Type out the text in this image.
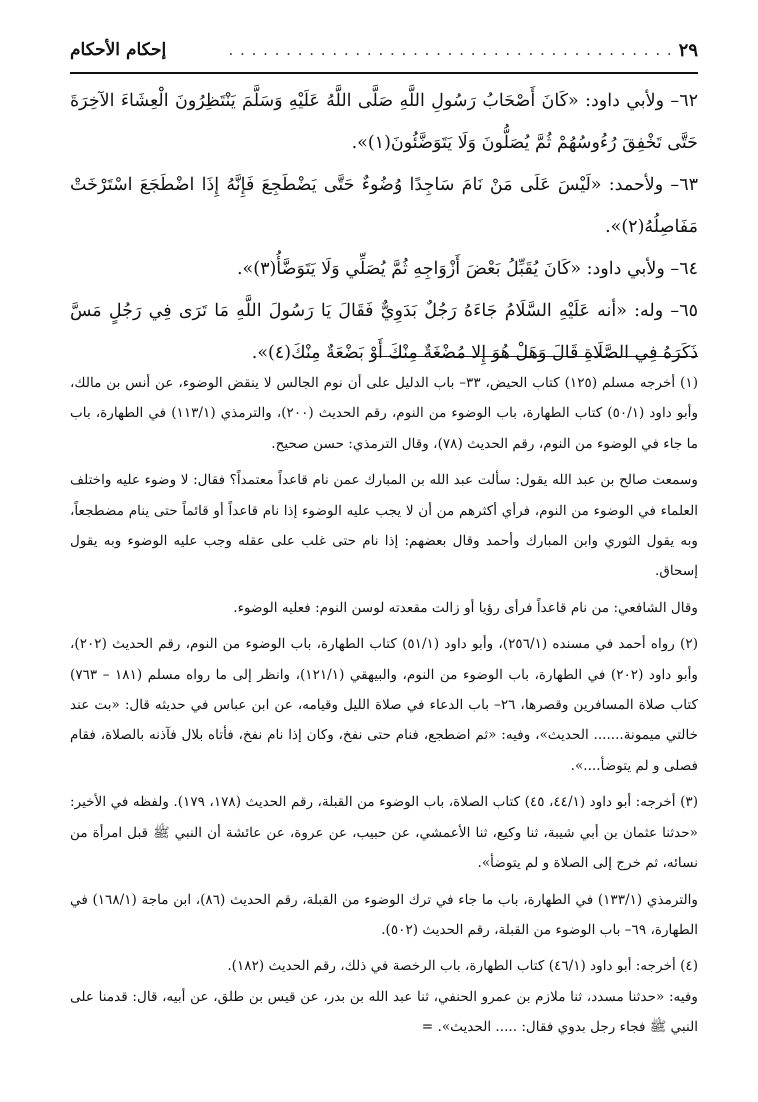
٢٩
. . . . . . . . . . . . . . . . . . . . . . . . . . . . . . . . . . . . . . .
إحكام الأحكام

٦٢– ولأبي داود: «كَانَ أَصْحَابُ رَسُولِ اللَّهِ صَلَّى اللَّهُ عَلَيْهِ وَسَلَّمَ يَنْتَظِرُونَ الْعِشَاءَ الآخِرَةَ حَتَّى تَخْفِقَ رُءُوسُهُمْ ثُمَّ يُصَلُّونَ وَلَا يَتَوَضَّئُونَ(١)».

٦٣– ولأحمد: «لَيْسَ عَلَى مَنْ نَامَ سَاجِدًا وُضُوءٌ حَتَّى يَضْطَجِعَ فَإِنَّهُ إِذَا اضْطَجَعَ اسْتَرْخَتْ مَفَاصِلُهُ(٢)».

٦٤– ولأبي داود: «كَانَ يُقَبِّلُ بَعْضَ أَزْوَاجِهِ ثُمَّ يُصَلِّي وَلَا يَتَوَضَّأُ(٣)».

٦٥– وله: «أنه عَلَيْهِ السَّلَامُ جَاءَهُ رَجُلٌ بَدَوِيٌّ فَقَالَ يَا رَسُولَ اللَّهِ مَا تَرَى فِي رَجُلٍ مَسَّ ذَكَرَهُ فِي الصَّلَاةِ قَالَ وَهَلْ هُوَ إِلا مُضْغَةٌ مِنْكَ أَوْ بَضْعَةٌ مِنْكَ(٤)».

(١) أخرجه مسلم (١٢٥) كتاب الحيض، ٣٣– باب الدليل على أن نوم الجالس لا ينقض الوضوء، عن أنس بن مالك، وأبو داود (٥٠/١) كتاب الطهارة، باب الوضوء من النوم، رقم الحديث (٢٠٠)، والترمذي (١١٣/١) في الطهارة، باب ما جاء في الوضوء من النوم، رقم الحديث (٧٨)، وقال الترمذي: حسن صحيح.

وسمعت صالح بن عبد الله يقول: سألت عبد الله بن المبارك عمن نام قاعداً معتمداً؟ فقال: لا وضوء عليه واختلف العلماء في الوضوء من النوم، فرأي أكثرهم من أن لا يجب عليه الوضوء إذا نام قاعداً أو قائماً حتى ينام مضطجعاً، وبه يقول الثوري وابن المبارك وأحمد وقال بعضهم: إذا نام حتى غلب على عقله وجب عليه الوضوء وبه يقول إسحاق.

وقال الشافعي: من نام قاعداً فرأى رؤيا أو زالت مقعدته لوسن النوم: فعليه الوضوء.

(٢) رواه أحمد في مسنده (٢٥٦/١)، وأبو داود (٥١/١) كتاب الطهارة، باب الوضوء من النوم، رقم الحديث (٢٠٢)، وأبو داود (٢٠٢) في الطهارة، باب الوضوء من النوم، والبيهقي (١٢١/١)، وانظر إلى ما رواه مسلم (١٨١ – ٧٦٣) كتاب صلاة المسافرين وقصرها، ٢٦– باب الدعاء في صلاة الليل وقيامه، عن ابن عباس في حديثه قال: «بت عند خالتي ميمونة....... الحديث»، وفيه: «ثم اضطجع، فنام حتى نفخ، وكان إذا نام نفخ، فأتاه بلال فآذنه بالصلاة، فقام فصلى و لم يتوضأ....».

(٣) أخرجه: أبو داود (٤٤/١، ٤٥) كتاب الصلاة، باب الوضوء من القبلة، رقم الحديث (١٧٨، ١٧٩). ولفظه في الأخير: «حدثنا عثمان بن أبي شيبة، ثنا وكيع، ثنا الأعمشي، عن حبيب، عن عروة، عن عائشة أن النبي ﷺ قبل امرأة من نسائه، ثم خرج إلى الصلاة و لم يتوضأ».

والترمذي (١٣٣/١) في الطهارة، باب ما جاء في ترك الوضوء من القبلة، رقم الحديث (٨٦)، ابن ماجة (١٦٨/١) في الطهارة، ٦٩– باب الوضوء من القبلة، رقم الحديث (٥٠٢).

(٤) أخرجه: أبو داود (٤٦/١) كتاب الطهارة، باب الرخصة في ذلك، رقم الحديث (١٨٢).

وفيه: «حدثنا مسدد، ثنا ملازم بن عمرو الحنفي، ثنا عبد الله بن بدر، عن قيس بن طلق، عن أبيه، قال: قدمنا على النبي ﷺ فجاء رجل بدوي فقال: ..... الحديث». =
